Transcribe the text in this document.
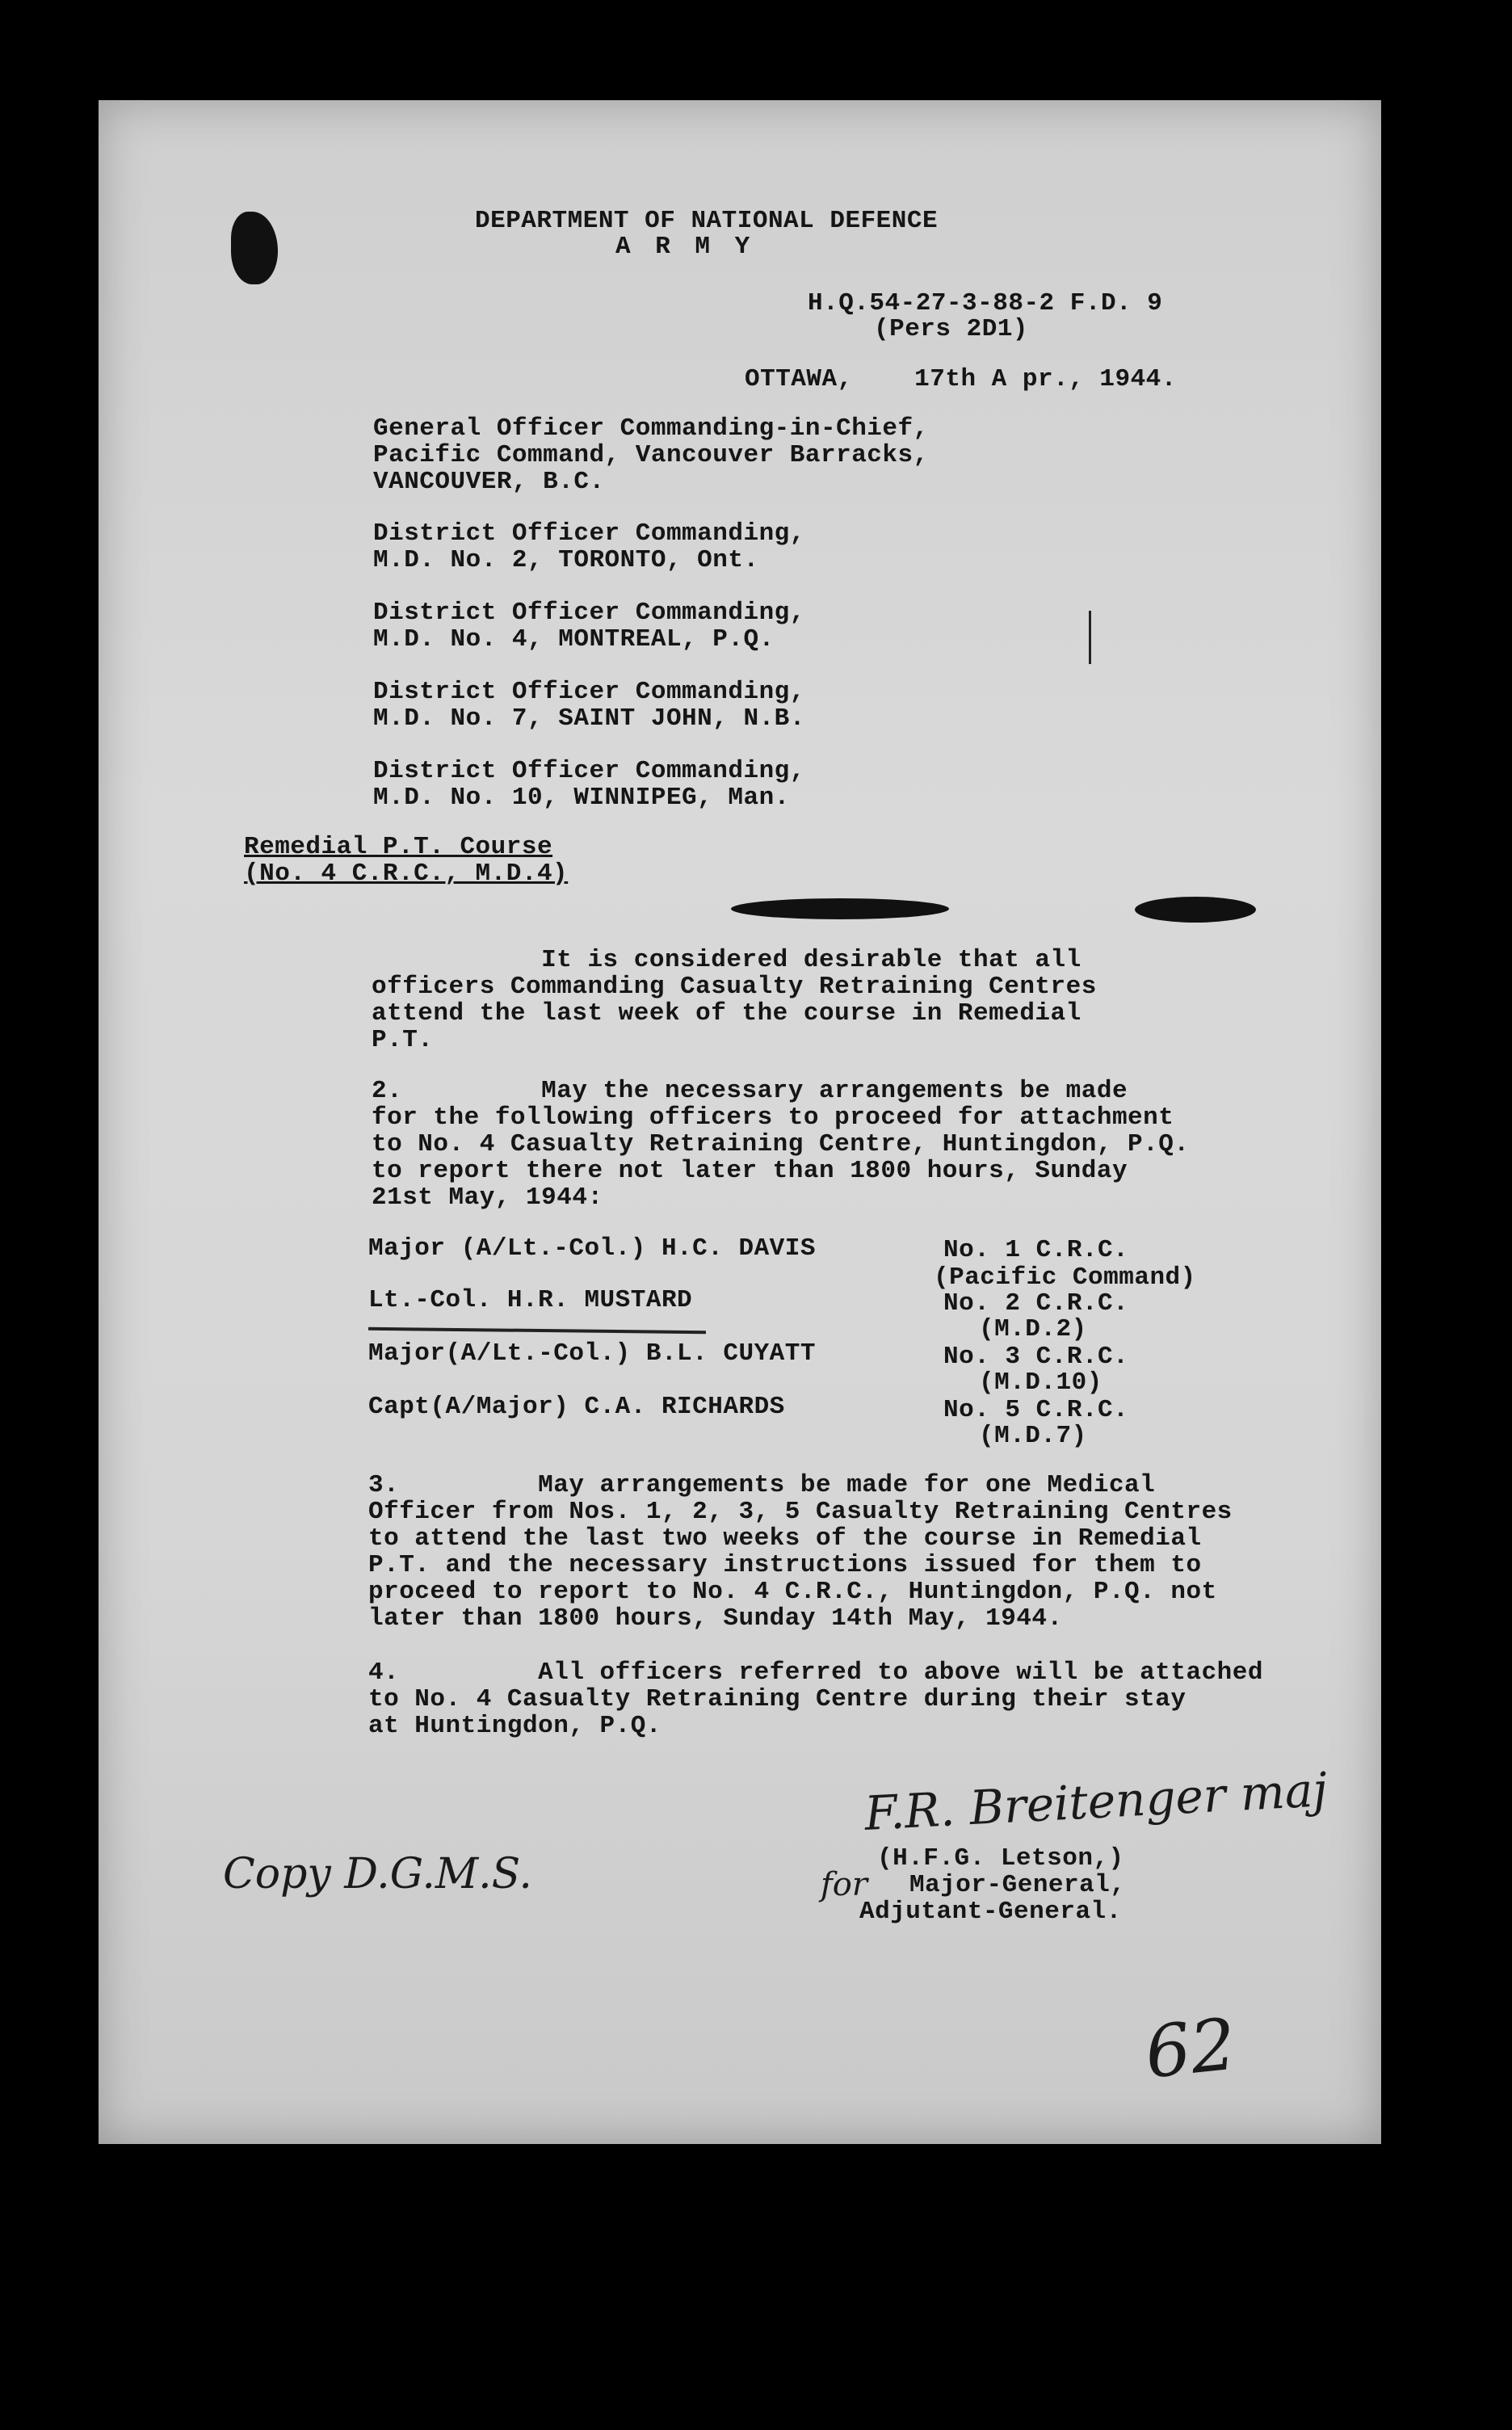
DEPARTMENT OF NATIONAL DEFENCE
A R M Y
H.Q.54-27-3-88-2 F.D. 9
(Pers 2D1)
OTTAWA,    17th A pr., 1944.
General Officer Commanding-in-Chief,
Pacific Command, Vancouver Barracks,
VANCOUVER, B.C.
District Officer Commanding,
M.D. No. 2, TORONTO, Ont.
District Officer Commanding,
M.D. No. 4, MONTREAL, P.Q.
District Officer Commanding,
M.D. No. 7, SAINT JOHN, N.B.
District Officer Commanding,
M.D. No. 10, WINNIPEG, Man.
Remedial P.T. Course
(No. 4 C.R.C., M.D.4)
It is considered desirable that all
officers Commanding Casualty Retraining Centres
attend the last week of the course in Remedial
P.T.
2.         May the necessary arrangements be made
for the following officers to proceed for attachment
to No. 4 Casualty Retraining Centre, Huntingdon, P.Q.
to report there not later than 1800 hours, Sunday
21st May, 1944:
Major (A/Lt.-Col.) H.C. DAVIS	No. 1 C.R.C.
(Pacific Command)
Lt.-Col. H.R. MUSTARD	No. 2 C.R.C.
(M.D.2)
Major(A/Lt.-Col.) B.L. CUYATT	No. 3 C.R.C.
(M.D.10)
Capt(A/Major) C.A. RICHARDS	No. 5 C.R.C.
(M.D.7)
3.         May arrangements be made for one Medical
Officer from Nos. 1, 2, 3, 5 Casualty Retraining Centres
to attend the last two weeks of the course in Remedial
P.T. and the necessary instructions issued for them to
proceed to report to No. 4 C.R.C., Huntingdon, P.Q. not
later than 1800 hours, Sunday 14th May, 1944.
4.         All officers referred to above will be attached
to No. 4 Casualty Retraining Centre during their stay
at Huntingdon, P.Q.
F.R. Breitenger maj
for
(H.F.G. Letson,)
Major-General,
Adjutant-General.
Copy D.G.M.S.
62
